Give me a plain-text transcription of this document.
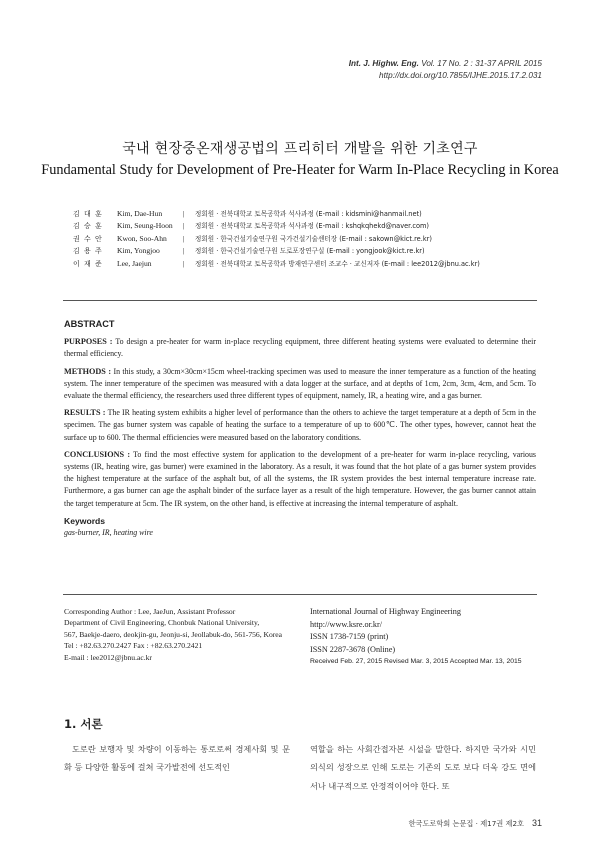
Int. J. Highw. Eng. Vol. 17 No. 2 : 31-37 APRIL 2015
http://dx.doi.org/10.7855/IJHE.2015.17.2.031
국내 현장중온재생공법의 프리히터 개발을 위한 기초연구
Fundamental Study for Development of Pre-Heater for Warm In-Place Recycling in Korea
김 대 훈	Kim, Dae-Hun	|	정회원 · 전북대학교 토목공학과 석사과정 (E-mail : kidsmini@hanmail.net)
김 승 훈	Kim, Seung-Hoon	|	정회원 · 전북대학교 토목공학과 석사과정 (E-mail : kshqkqhekd@naver.com)
권 수 안	Kwon, Soo-Ahn	|	정회원 · 한국건설기술연구원 국가건설기술센터장 (E-mail : sakown@kict.re.kr)
김 용 주	Kim, Yongjoo	|	정회원 · 한국건설기술연구원 도로포장연구실 (E-mail : yongjook@kict.re.kr)
이 재 준	Lee, Jaejun	|	정회원 · 전북대학교 토목공학과 방재연구센터 조교수 · 교신저자 (E-mail : lee2012@jbnu.ac.kr)
ABSTRACT

PURPOSES : To design a pre-heater for warm in-place recycling equipment, three different heating systems were evaluated to determine their thermal efficiency.

METHODS : In this study, a 30cm×30cm×15cm wheel-tracking specimen was used to measure the inner temperature as a function of the heating system. The inner temperature of the specimen was measured with a data logger at the surface, and at depths of 1cm, 2cm, 3cm, 4cm, and 5cm. To evaluate the thermal efficiency, the researchers used three different types of equipment, namely, IR, a heating wire, and a gas burner.

RESULTS : The IR heating system exhibits a higher level of performance than the others to achieve the target temperature at a depth of 5cm in the specimen. The gas burner system was capable of heating the surface to a temperature of up to 600℃. The other types, however, cannot heat the surface up to 600. The thermal efficiencies were measured based on the laboratory conditions.

CONCLUSIONS : To find the most effective system for application to the development of a pre-heater for warm in-place recycling, various systems (IR, heating wire, gas burner) were examined in the laboratory. As a result, it was found that the hot plate of a gas burner system provides the highest temperature at the surface of the asphalt but, of all the systems, the IR system provides the best internal temperature increase rate. Furthermore, a gas burner can age the asphalt binder of the surface layer as a result of the high temperature. However, the gas burner cannot attain the target temperature at 5cm. The IR system, on the other hand, is effective at increasing the internal temperature of asphalt.

Keywords
gas-burner, IR, heating wire
Corresponding Author : Lee, JaeJun, Assistant Professor
Department of Civil Engineering, Chonbuk National University,
567, Baekje-daero, deokjin-gu, Jeonju-si, Jeollabuk-do, 561-756, Korea
Tel : +82.63.270.2427 Fax : +82.63.270.2421
E-mail : lee2012@jbnu.ac.kr
International Journal of Highway Engineering
http://www.ksre.or.kr/
ISSN 1738-7159 (print)
ISSN 2287-3678 (Online)
Received Feb. 27, 2015 Revised Mar. 3, 2015 Accepted Mar. 13, 2015
1. 서론
도로란 보행자 및 차량이 이동하는 통로로써 경제사회 및 문화 등 다양한 활동에 걸쳐 국가발전에 선도적인
역할을 하는 사회간접자본 시설을 말한다. 하지만 국가와 시민의식의 성장으로 인해 도로는 기존의 도로 보다 더욱 강도 면에서나 내구적으로 안정적이어야 한다. 또
한국도로학회 논문집 · 제17권 제2호 31
